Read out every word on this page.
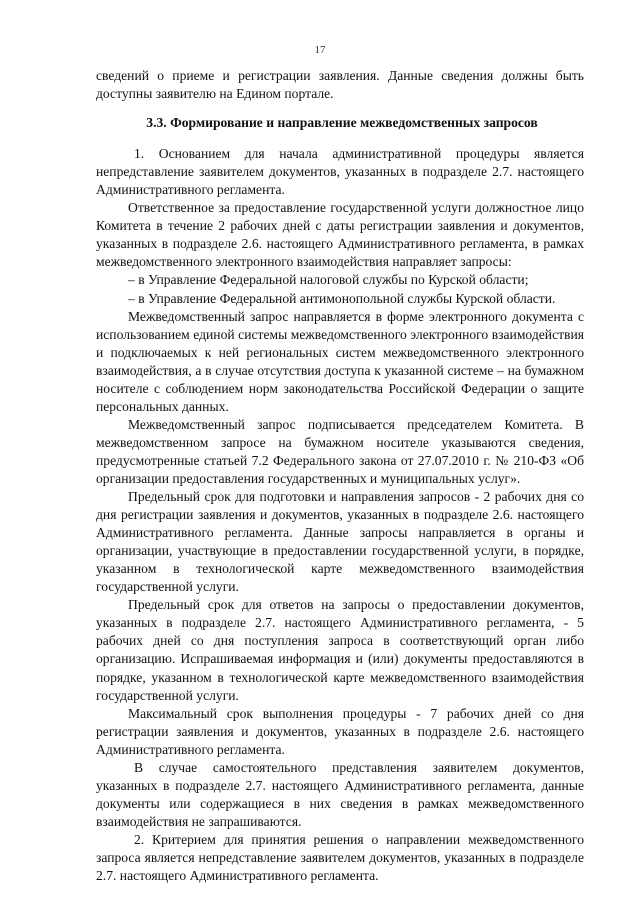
17

сведений о приеме и регистрации заявления. Данные сведения должны быть доступны заявителю на Едином портале.

3.3. Формирование и направление межведомственных запросов

1. Основанием для начала административной процедуры является непредставление заявителем документов, указанных в подразделе 2.7. настоящего Административного регламента.

Ответственное за предоставление государственной услуги должностное лицо Комитета в течение 2 рабочих дней с даты регистрации заявления и документов, указанных в подразделе 2.6. настоящего Административного регламента, в рамках межведомственного электронного взаимодействия направляет запросы:

– в Управление Федеральной налоговой службы по Курской области;

– в Управление Федеральной антимонопольной службы Курской области.

Межведомственный запрос направляется в форме электронного документа с использованием единой системы межведомственного электронного взаимодействия и подключаемых к ней региональных систем межведомственного электронного взаимодействия, а в случае отсутствия доступа к указанной системе – на бумажном носителе с соблюдением норм законодательства Российской Федерации о защите персональных данных.

Межведомственный запрос подписывается председателем Комитета. В межведомственном запросе на бумажном носителе указываются сведения, предусмотренные статьей 7.2 Федерального закона от 27.07.2010 г. № 210-ФЗ «Об организации предоставления государственных и муниципальных услуг».

Предельный срок для подготовки и направления запросов - 2 рабочих дня со дня регистрации заявления и документов, указанных в подразделе 2.6. настоящего Административного регламента. Данные запросы направляется в органы и организации, участвующие в предоставлении государственной услуги, в порядке, указанном в технологической карте межведомственного взаимодействия государственной услуги.

Предельный срок для ответов на запросы о предоставлении документов, указанных в подразделе 2.7. настоящего Административного регламента, - 5 рабочих дней со дня поступления запроса в соответствующий орган либо организацию. Испрашиваемая информация и (или) документы предоставляются в порядке, указанном в технологической карте межведомственного взаимодействия государственной услуги.

Максимальный срок выполнения процедуры - 7 рабочих дней со дня регистрации заявления и документов, указанных в подразделе 2.6. настоящего Административного регламента.

В случае самостоятельного представления заявителем документов, указанных в подразделе 2.7. настоящего Административного регламента, данные документы или содержащиеся в них сведения в рамках межведомственного взаимодействия не запрашиваются.

2. Критерием для принятия решения о направлении межведомственного запроса является непредставление заявителем документов, указанных в подразделе 2.7. настоящего Административного регламента.
